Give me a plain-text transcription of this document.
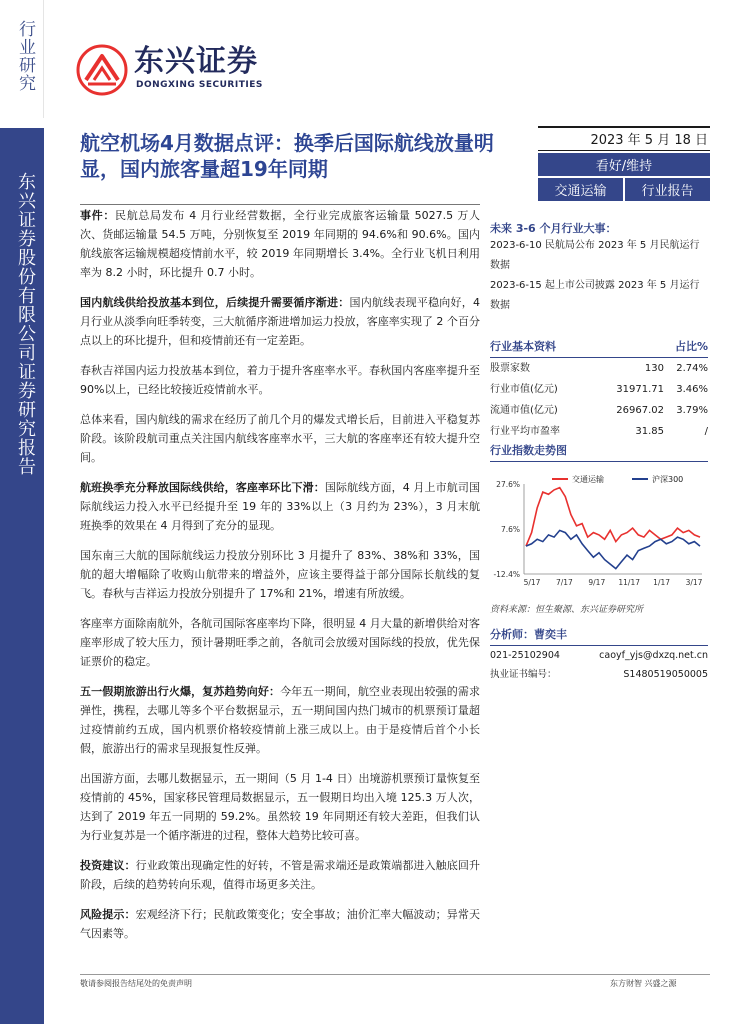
行业研究
东兴证券股份有限公司证券研究报告
东兴证券
DONGXING SECURITIES
航空机场4月数据点评：换季后国际航线放量明显，国内旅客量超19年同期
2023 年 5 月 18 日
看好/维持
交通运输	行业报告

事件：民航总局发布 4 月行业经营数据，全行业完成旅客运输量 5027.5 万人次、货邮运输量 54.5 万吨，分别恢复至 2019 年同期的 94.6%和 90.6%。国内航线旅客运输规模超疫情前水平，较 2019 年同期增长 3.4%。全行业飞机日利用率为 8.2 小时，环比提升 0.7 小时。

国内航线供给投放基本到位，后续提升需要循序渐进：国内航线表现平稳向好，4 月行业从淡季向旺季转变，三大航循序渐进增加运力投放，客座率实现了 2 个百分点以上的环比提升，但和疫情前还有一定差距。

春秋吉祥国内运力投放基本到位，着力于提升客座率水平。春秋国内客座率提升至 90%以上，已经比较接近疫情前水平。

总体来看，国内航线的需求在经历了前几个月的爆发式增长后，目前进入平稳复苏阶段。该阶段航司重点关注国内航线客座率水平，三大航的客座率还有较大提升空间。

航班换季充分释放国际线供给，客座率环比下滑：国际航线方面，4 月上市航司国际航线运力投入水平已经提升至 19 年的 33%以上（3 月约为 23%），3 月末航班换季的效果在 4 月得到了充分的显现。

国东南三大航的国际航线运力投放分别环比 3 月提升了 83%、38%和 33%，国航的超大增幅除了收购山航带来的增益外，应该主要得益于部分国际长航线的复飞。春秋与吉祥运力投放分别提升了 17%和 21%，增速有所放缓。

客座率方面除南航外，各航司国际客座率均下降，很明显 4 月大量的新增供给对客座率形成了较大压力，预计暑期旺季之前，各航司会放缓对国际线的投放，优先保证票价的稳定。

五一假期旅游出行火爆，复苏趋势向好：今年五一期间，航空业表现出较强的需求弹性，携程，去哪儿等多个平台数据显示，五一期间国内热门城市的机票预订量超过疫情前约五成，国内机票价格较疫情前上涨三成以上。由于是疫情后首个小长假，旅游出行的需求呈现报复性反弹。

出国游方面，去哪儿数据显示，五一期间（5 月 1-4 日）出境游机票预订量恢复至疫情前的 45%，国家移民管理局数据显示，五一假期日均出入境 125.3 万人次，达到了 2019 年五一同期的 59.2%。虽然较 19 年同期还有较大差距，但我们认为行业复苏是一个循序渐进的过程，整体大趋势比较可喜。

投资建议：行业政策出现确定性的好转，不管是需求端还是政策端都进入触底回升阶段，后续的趋势转向乐观，值得市场更多关注。

风险提示：宏观经济下行；民航政策变化；安全事故；油价汇率大幅波动；异常天气因素等。

未来 3-6 个月行业大事：
2023-6-10 民航局公布 2023 年 5 月民航运行数据
2023-6-15 起上市公司披露 2023 年 5 月运行数据
行业基本资料	占比%
股票家数	130	2.74%
行业市值(亿元)	31971.71	3.46%
流通市值(亿元)	26967.02	3.79%
行业平均市盈率	31.85	/
行业指数走势图
27.6%
7.6%
-12.4%
5/17 7/17 9/17 11/17 1/17 3/17
交通运输	沪深300
资料来源：恒生聚源、东兴证券研究所
分析师：曹奕丰
021-25102904	caoyf_yjs@dxzq.net.cn
执业证书编号：	S1480519050005
敬请参阅报告结尾处的免责声明	东方财智 兴盛之源
